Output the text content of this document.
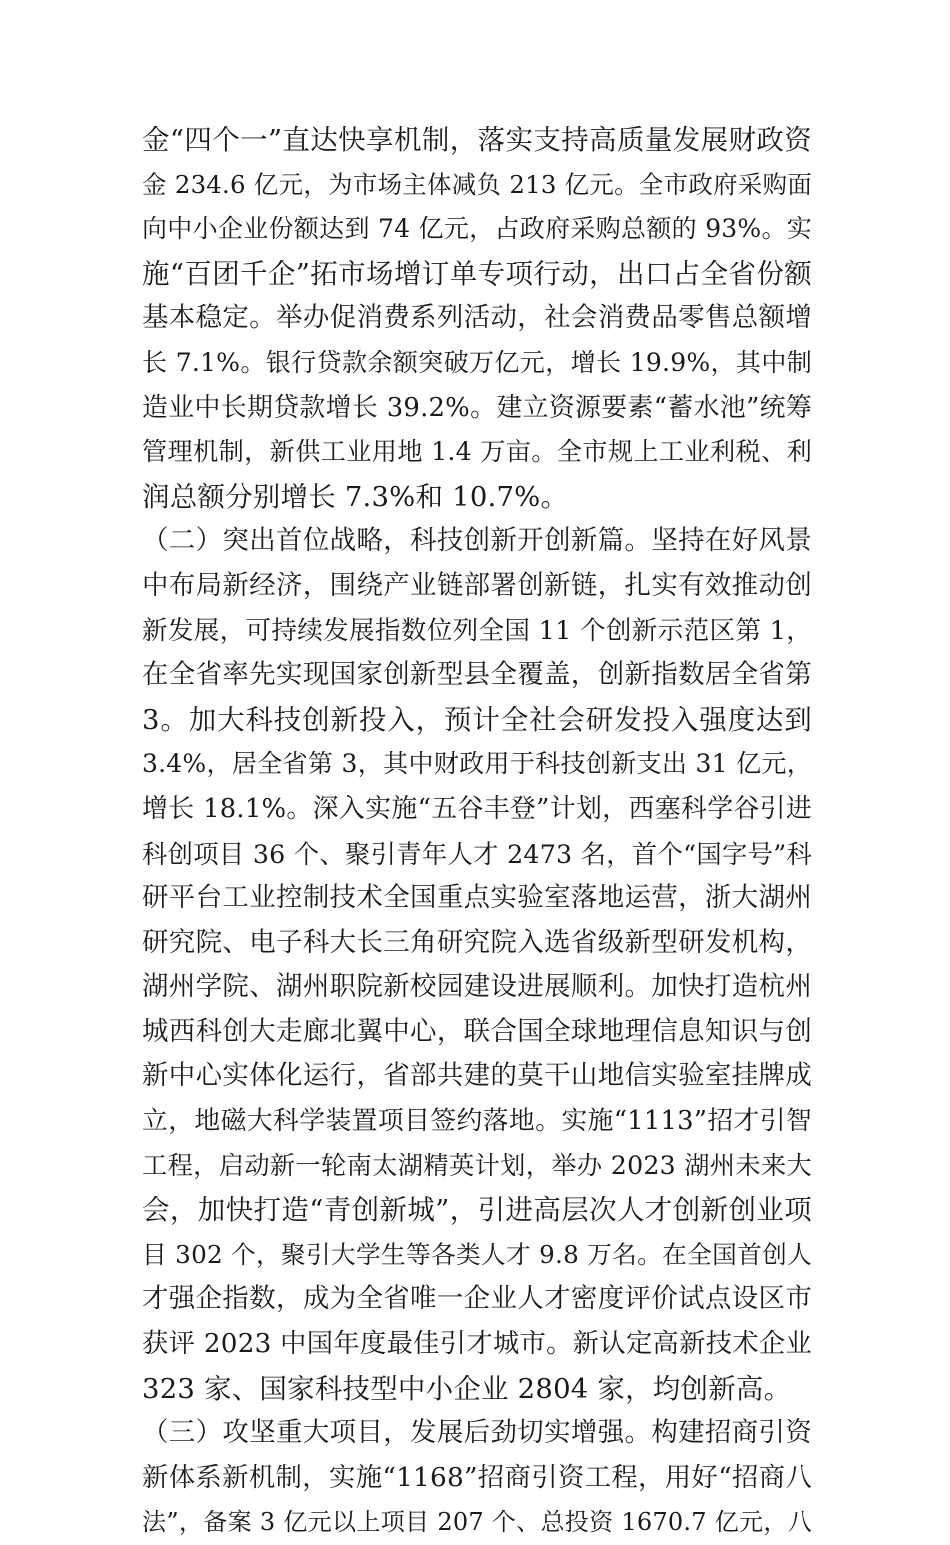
金“四个一”直达快享机制，落实支持高质量发展财政资
金 234.6 亿元，为市场主体减负 213 亿元。全市政府采购面
向中小企业份额达到 74 亿元，占政府采购总额的 93%。实
施“百团千企”拓市场增订单专项行动，出口占全省份额
基本稳定。举办促消费系列活动，社会消费品零售总额增
长 7.1%。银行贷款余额突破万亿元，增长 19.9%，其中制
造业中长期贷款增长 39.2%。建立资源要素“蓄水池”统筹
管理机制，新供工业用地 1.4 万亩。全市规上工业利税、利
润总额分别增长 7.3%和 10.7%。
（二）突出首位战略，科技创新开创新篇。坚持在好风景
中布局新经济，围绕产业链部署创新链，扎实有效推动创
新发展，可持续发展指数位列全国 11 个创新示范区第 1，
在全省率先实现国家创新型县全覆盖，创新指数居全省第
3。加大科技创新投入，预计全社会研发投入强度达到
3.4%，居全省第 3，其中财政用于科技创新支出 31 亿元，
增长 18.1%。深入实施“五谷丰登”计划，西塞科学谷引进
科创项目 36 个、聚引青年人才 2473 名，首个“国字号”科
研平台工业控制技术全国重点实验室落地运营，浙大湖州
研究院、电子科大长三角研究院入选省级新型研发机构，
湖州学院、湖州职院新校园建设进展顺利。加快打造杭州
城西科创大走廊北翼中心，联合国全球地理信息知识与创
新中心实体化运行，省部共建的莫干山地信实验室挂牌成
立，地磁大科学装置项目签约落地。实施“1113”招才引智
工程，启动新一轮南太湖精英计划，举办 2023 湖州未来大
会，加快打造“青创新城”，引进高层次人才创新创业项
目 302 个，聚引大学生等各类人才 9.8 万名。在全国首创人
才强企指数，成为全省唯一企业人才密度评价试点设区市
获评 2023 中国年度最佳引才城市。新认定高新技术企业
323 家、国家科技型中小企业 2804 家，均创新高。
（三）攻坚重大项目，发展后劲切实增强。构建招商引资
新体系新机制，实施“1168”招商引资工程，用好“招商八
法”，备案 3 亿元以上项目 207 个、总投资 1670.7 亿元，八
